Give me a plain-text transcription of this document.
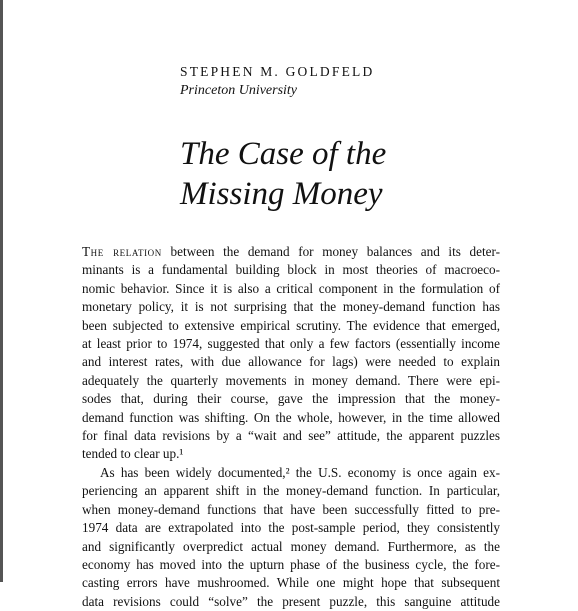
STEPHEN M. GOLDFELD
Princeton University
The Case of the
Missing Money
The relation between the demand for money balances and its deter-
minants is a fundamental building block in most theories of macroeco-
nomic behavior. Since it is also a critical component in the formulation of
monetary policy, it is not surprising that the money-demand function has
been subjected to extensive empirical scrutiny. The evidence that emerged,
at least prior to 1974, suggested that only a few factors (essentially income
and interest rates, with due allowance for lags) were needed to explain
adequately the quarterly movements in money demand. There were epi-
sodes that, during their course, gave the impression that the money-
demand function was shifting. On the whole, however, in the time allowed
for final data revisions by a “wait and see” attitude, the apparent puzzles
tended to clear up.¹
As has been widely documented,² the U.S. economy is once again ex-
periencing an apparent shift in the money-demand function. In particular,
when money-demand functions that have been successfully fitted to pre-
1974 data are extrapolated into the post-sample period, they consistently
and significantly overpredict actual money demand. Furthermore, as the
economy has moved into the upturn phase of the business cycle, the fore-
casting errors have mushroomed. While one might hope that subsequent
data revisions could “solve” the present puzzle, this sanguine attitude
